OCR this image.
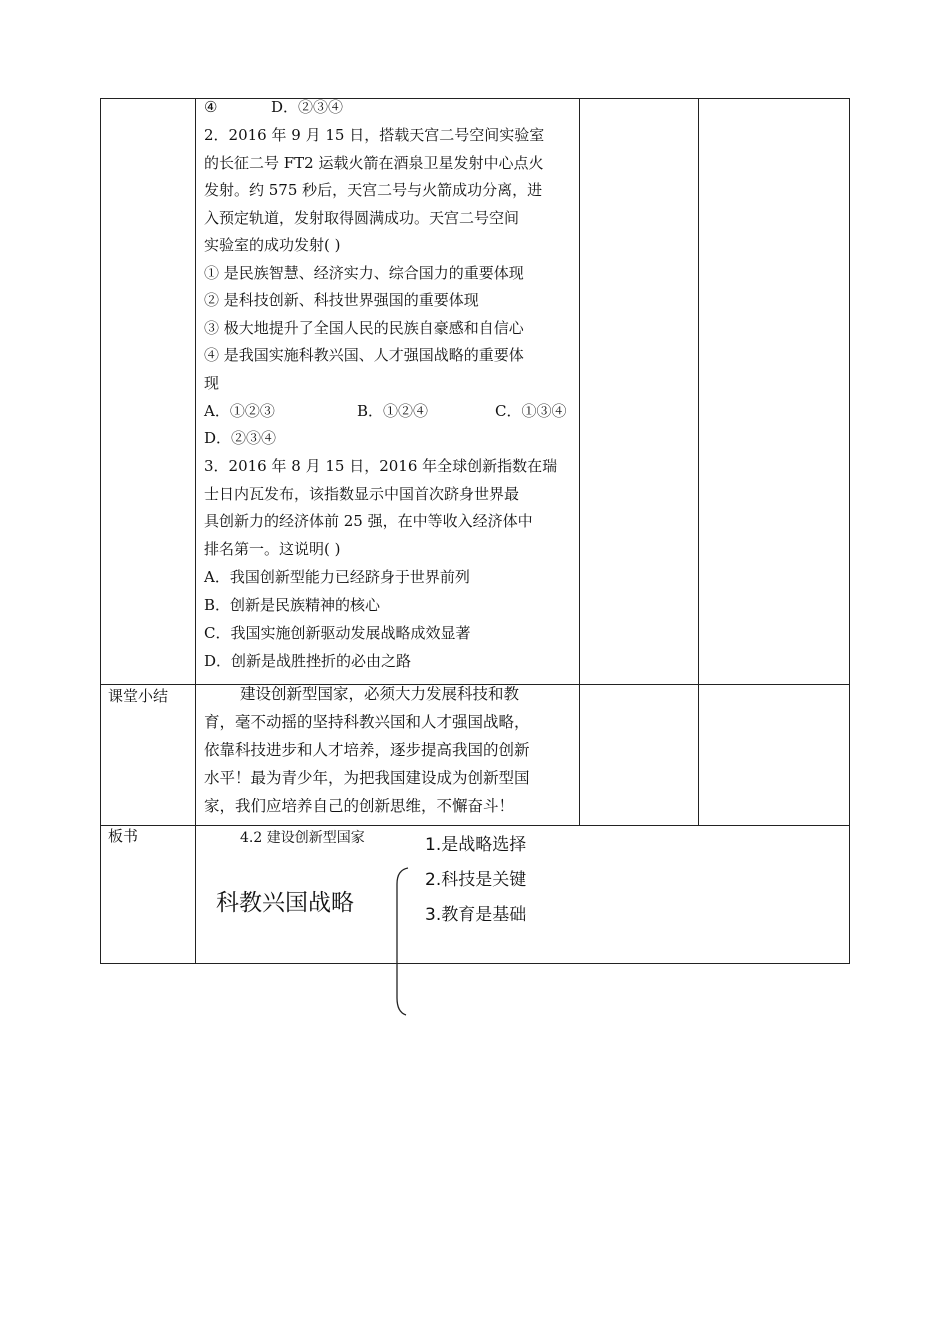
④	D．②③④
2．2016 年 9 月 15 日，搭载天宫二号空间实验室
的长征二号 FT2 运载火箭在酒泉卫星发射中心点火
发射。约 575 秒后，天宫二号与火箭成功分离，进
入预定轨道，发射取得圆满成功。天宫二号空间
实验室的成功发射( )
① 是民族智慧、经济实力、综合国力的重要体现
② 是科技创新、科技世界强国的重要体现
③ 极大地提升了全国人民的民族自豪感和自信心
④ 是我国实施科教兴国、人才强国战略的重要体
现
A．①②③	B．①②④	C．①③④
D．②③④
3．2016 年 8 月 15 日，2016 年全球创新指数在瑞
士日内瓦发布，该指数显示中国首次跻身世界最
具创新力的经济体前 25 强，在中等收入经济体中
排名第一。这说明( )
A．我国创新型能力已经跻身于世界前列
B．创新是民族精神的核心
C．我国实施创新驱动发展战略成效显著
D．创新是战胜挫折的必由之路
课堂小结	建设创新型国家，必须大力发展科技和教
育，毫不动摇的坚持科教兴国和人才强国战略，
依靠科技进步和人才培养，逐步提高我国的创新
水平！最为青少年，为把我国建设成为创新型国
家，我们应培养自己的创新思维，不懈奋斗！
板书	4.2 建设创新型国家
科教兴国战略
1.是战略选择
2.科技是关键
3.教育是基础
